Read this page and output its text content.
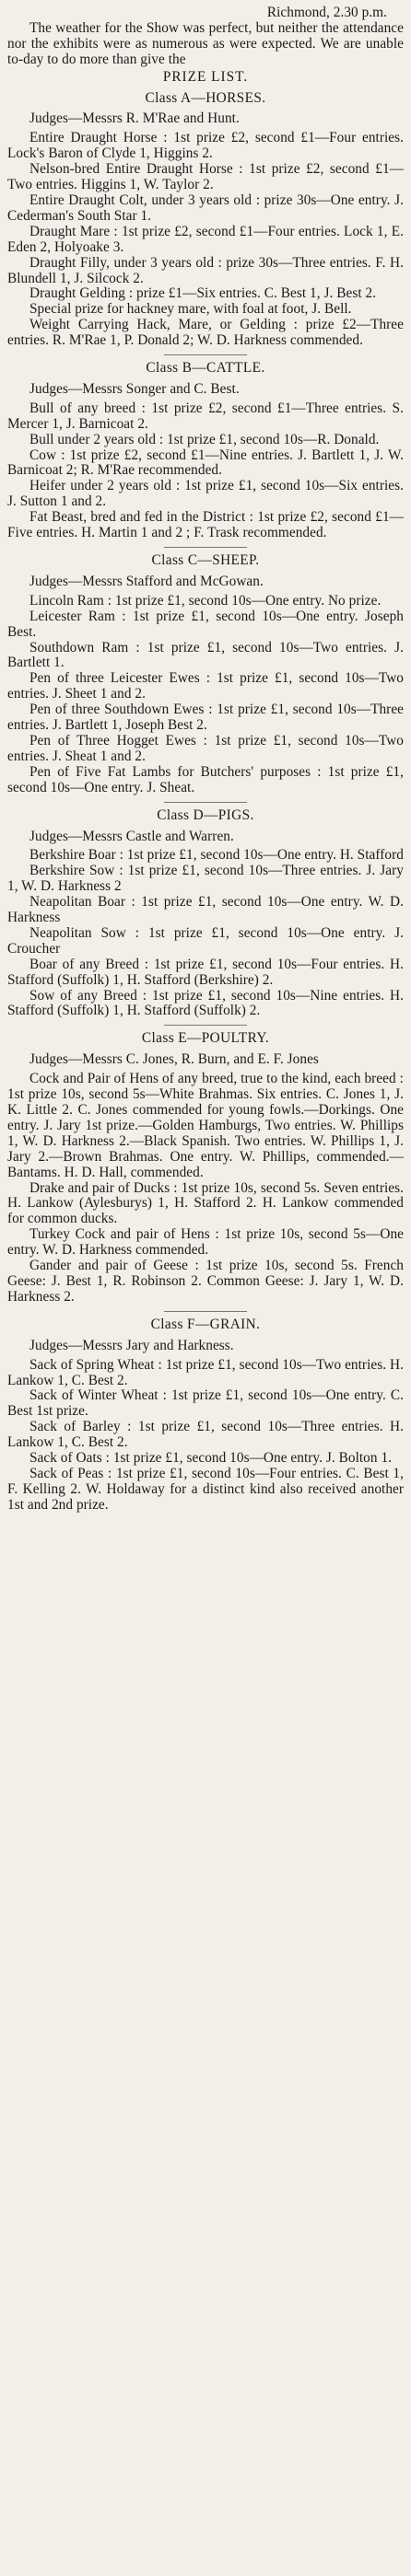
Richmond, 2.30 p.m.

The weather for the Show was perfect, but neither the attendance nor the exhibits were as numerous as were expected. We are unable to-day to do more than give the

PRIZE LIST.

Class A—HORSES.

Judges—Messrs R. M'Rae and Hunt.

Entire Draught Horse : 1st prize £2, second £1—Four entries. Lock's Baron of Clyde 1, Higgins 2.

Nelson-bred Entire Draught Horse : 1st prize £2, second £1—Two entries. Higgins 1, W. Taylor 2.

Entire Draught Colt, under 3 years old : prize 30s—One entry. J. Cederman's South Star 1.

Draught Mare : 1st prize £2, second £1—Four entries. Lock 1, E. Eden 2, Holyoake 3.

Draught Filly, under 3 years old : prize 30s—Three entries. F. H. Blundell 1, J. Silcock 2.

Draught Gelding : prize £1—Six entries. C. Best 1, J. Best 2.

Special prize for hackney mare, with foal at foot, J. Bell.

Weight Carrying Hack, Mare, or Gelding : prize £2—Three entries. R. M'Rae 1, P. Donald 2; W. D. Harkness commended.

Class B—CATTLE.

Judges—Messrs Songer and C. Best.

Bull of any breed : 1st prize £2, second £1—Three entries. S. Mercer 1, J. Barnicoat 2.

Bull under 2 years old : 1st prize £1, second 10s—R. Donald.

Cow : 1st prize £2, second £1—Nine entries. J. Bartlett 1, J. W. Barnicoat 2; R. M'Rae recommended.

Heifer under 2 years old : 1st prize £1, second 10s—Six entries. J. Sutton 1 and 2.

Fat Beast, bred and fed in the District : 1st prize £2, second £1—Five entries. H. Martin 1 and 2 ; F. Trask recommended.

Class C—SHEEP.

Judges—Messrs Stafford and McGowan.

Lincoln Ram : 1st prize £1, second 10s—One entry. No prize.

Leicester Ram : 1st prize £1, second 10s—One entry. Joseph Best.

Southdown Ram : 1st prize £1, second 10s—Two entries. J. Bartlett 1.

Pen of three Leicester Ewes : 1st prize £1, second 10s—Two entries. J. Sheet 1 and 2.

Pen of three Southdown Ewes : 1st prize £1, second 10s—Three entries. J. Bartlett 1, Joseph Best 2.

Pen of Three Hogget Ewes : 1st prize £1, second 10s—Two entries. J. Sheat 1 and 2.

Pen of Five Fat Lambs for Butchers' purposes : 1st prize £1, second 10s—One entry. J. Sheat.

Class D—PIGS.

Judges—Messrs Castle and Warren.

Berkshire Boar : 1st prize £1, second 10s—One entry. H. Stafford

Berkshire Sow : 1st prize £1, second 10s—Three entries. J. Jary 1, W. D. Harkness 2

Neapolitan Boar : 1st prize £1, second 10s—One entry. W. D. Harkness

Neapolitan Sow : 1st prize £1, second 10s—One entry. J. Croucher

Boar of any Breed : 1st prize £1, second 10s—Four entries. H. Stafford (Suffolk) 1, H. Stafford (Berkshire) 2.

Sow of any Breed : 1st prize £1, second 10s—Nine entries. H. Stafford (Suffolk) 1, H. Stafford (Suffolk) 2.

Class E—POULTRY.

Judges—Messrs C. Jones, R. Burn, and E. F. Jones

Cock and Pair of Hens of any breed, true to the kind, each breed : 1st prize 10s, second 5s—White Brahmas. Six entries. C. Jones 1, J. K. Little 2. C. Jones commended for young fowls.—Dorkings. One entry. J. Jary 1st prize.—Golden Hamburgs, Two entries. W. Phillips 1, W. D. Harkness 2.—Black Spanish. Two entries. W. Phillips 1, J. Jary 2.—Brown Brahmas. One entry. W. Phillips, commended.—Bantams. H. D. Hall, commended.

Drake and pair of Ducks : 1st prize 10s, second 5s. Seven entries. H. Lankow (Aylesburys) 1, H. Stafford 2. H. Lankow commended for common ducks.

Turkey Cock and pair of Hens : 1st prize 10s, second 5s—One entry. W. D. Harkness commended.

Gander and pair of Geese : 1st prize 10s, second 5s. French Geese: J. Best 1, R. Robinson 2. Common Geese: J. Jary 1, W. D. Harkness 2.

Class F—GRAIN.

Judges—Messrs Jary and Harkness.

Sack of Spring Wheat : 1st prize £1, second 10s—Two entries. H. Lankow 1, C. Best 2.

Sack of Winter Wheat : 1st prize £1, second 10s—One entry. C. Best 1st prize.

Sack of Barley : 1st prize £1, second 10s—Three entries. H. Lankow 1, C. Best 2.

Sack of Oats : 1st prize £1, second 10s—One entry. J. Bolton 1.

Sack of Peas : 1st prize £1, second 10s—Four entries. C. Best 1, F. Kelling 2. W. Holdaway for a distinct kind also received another 1st and 2nd prize.
